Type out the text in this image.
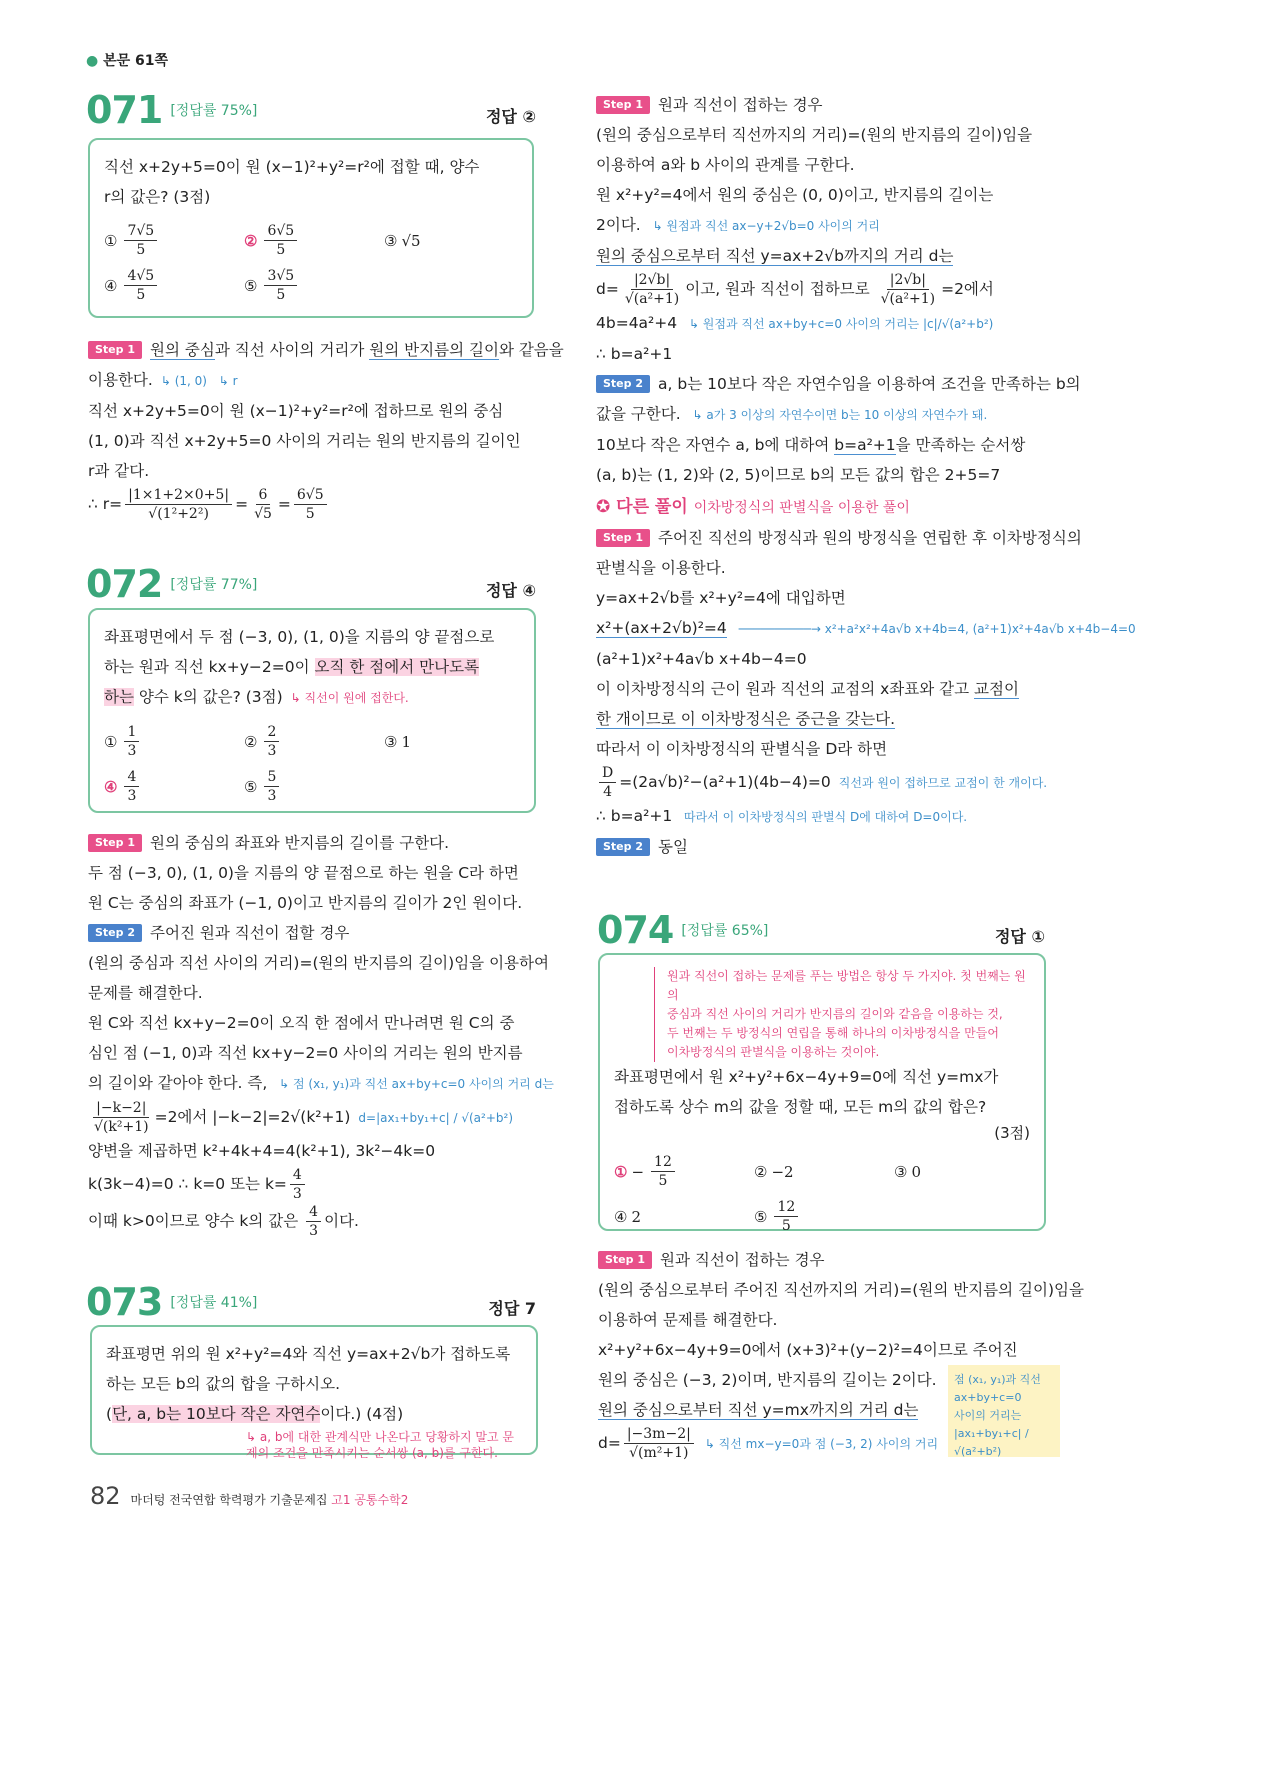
● 본문 61쪽
071 [정답률 75%]	정답 ②
직선 x+2y+5=0이 원 (x−1)²+y²=r²에 접할 때, 양수
r의 값은? (3점)
① $\frac{7√5}{5}$	② $\frac{6√5}{5}$	③ √5
④ $\frac{4√5}{5}$	⑤ $\frac{3√5}{5}$
Step 1 원의 중심과 직선 사이의 거리가 원의 반지름의 길이와 같음을
이용한다. ↳ (1, 0) ↳ r
직선 x+2y+5=0이 원 (x−1)²+y²=r²에 접하므로 원의 중심
(1, 0)과 직선 x+2y+5=0 사이의 거리는 원의 반지름의 길이인
r과 같다.
∴ $r= \frac{|1\times 1+2\times 0+5|}{\text{√(1²+2²)}} = \frac{6}{√5} = \frac{6√5}{5}$
072 [정답률 77%]	정답 ④
좌표평면에서 두 점 (−3, 0), (1, 0)을 지름의 양 끝점으로
하는 원과 직선 kx+y−2=0이 오직 한 점에서 만나도록
하는 양수 k의 값은? (3점) ↳ 직선이 원에 접한다.
① $\frac{1}{3}$	② $\frac{2}{3}$	③ 1
④ $\frac{4}{3}$	⑤ $\frac{5}{3}$
Step 1 원의 중심의 좌표와 반지름의 길이를 구한다.
두 점 (−3, 0), (1, 0)을 지름의 양 끝점으로 하는 원을 C라 하면
원 C는 중심의 좌표가 (−1, 0)이고 반지름의 길이가 2인 원이다.
Step 2 주어진 원과 직선이 접할 경우
(원의 중심과 직선 사이의 거리)=(원의 반지름의 길이)임을 이용하여
문제를 해결한다.
원 C와 직선 kx+y−2=0이 오직 한 점에서 만나려면 원 C의 중
심인 점 (−1, 0)과 직선 kx+y−2=0 사이의 거리는 원의 반지름
의 길이와 같아야 한다. 즉, ↳ 점 (x₁, y₁)과 직선 ax+by+c=0 사이의 거리 d는
$\frac{|-k-2|}{\text{√(k²+1)}} =2$에서 |−k−2|=2√(k²+1) d=|ax₁+by₁+c| / √(a²+b²)
양변을 제곱하면 k²+4k+4=4(k²+1), 3k²−4k=0
k(3k−4)=0 ∴ k=0 또는 $k= \frac{4}{3}$
이때 k>0이므로 양수 k의 값은 $\frac{4}{3}$ 이다.
073 [정답률 41%]	정답 7
좌표평면 위의 원 x²+y²=4와 직선 y=ax+2√b가 접하도록
하는 모든 b의 값의 합을 구하시오.
(단, a, b는 10보다 작은 자연수이다.) (4점)
↳ a, b에 대한 관계식만 나온다고 당황하지 말고 문제의 조건을 만족시키는 순서쌍 (a, b)를 구한다.
Step 1 원과 직선이 접하는 경우
(원의 중심으로부터 직선까지의 거리)=(원의 반지름의 길이)임을
이용하여 a와 b 사이의 관계를 구한다.
원 x²+y²=4에서 원의 중심은 (0, 0)이고, 반지름의 길이는
2이다. ↳ 원점과 직선 ax−y+2√b=0 사이의 거리
원의 중심으로부터 직선 y=ax+2√b까지의 거리 d는
$d= \frac{|2√b|}{\text{√(a²+1)}}$ 이고, 원과 직선이 접하므로 $\frac{|2√b|}{\text{√(a²+1)}} =2$에서
4b=4a²+4 ↳ 원점과 직선 ax+by+c=0 사이의 거리는 |c|/√(a²+b²)
∴ b=a²+1
Step 2 a, b는 10보다 작은 자연수임을 이용하여 조건을 만족하는 b의
값을 구한다. ↳ a가 3 이상의 자연수이면 b는 10 이상의 자연수가 돼.
10보다 작은 자연수 a, b에 대하여 b=a²+1을 만족하는 순서쌍
(a, b)는 (1, 2)와 (2, 5)이므로 b의 모든 값의 합은 2+5=7
✪ 다른 풀이 이차방정식의 판별식을 이용한 풀이
Step 1 주어진 직선의 방정식과 원의 방정식을 연립한 후 이차방정식의
판별식을 이용한다.
y=ax+2√b를 x²+y²=4에 대입하면
x²+(ax+2√b)²=4 ──────────→ x²+a²x²+4a√b x+4b=4, (a²+1)x²+4a√b x+4b−4=0
(a²+1)x²+4a√b x+4b−4=0
이 이차방정식의 근이 원과 직선의 교점의 x좌표와 같고 교점이
한 개이므로 이 이차방정식은 중근을 갖는다.
따라서 이 이차방정식의 판별식을 D라 하면
$\frac{D}{4} =(2a√b)^2-(a^2+1)(4b-4)=0$ 직선과 원이 접하므로 교점이 한 개이다.
∴ b=a²+1 따라서 이 이차방정식의 판별식 D에 대하여 D=0이다.
Step 2 동일
074 [정답률 65%]	정답 ①
원과 직선이 접하는 문제를 푸는 방법은 항상 두 가지야. 첫 번째는 원의
중심과 직선 사이의 거리가 반지름의 길이와 같음을 이용하는 것,
두 번째는 두 방정식의 연립을 통해 하나의 이차방정식을 만들어
이차방정식의 판별식을 이용하는 것이야.
좌표평면에서 원 x²+y²+6x−4y+9=0에 직선 y=mx가
접하도록 상수 m의 값을 정할 때, 모든 m의 값의 합은?
(3점)
① − $\frac{12}{5}$	② −2	③ 0
④ 2	⑤ $\frac{12}{5}$
Step 1 원과 직선이 접하는 경우
(원의 중심으로부터 주어진 직선까지의 거리)=(원의 반지름의 길이)임을
이용하여 문제를 해결한다.
x²+y²+6x−4y+9=0에서 (x+3)²+(y−2)²=4이므로 주어진
원의 중심은 (−3, 2)이며, 반지름의 길이는 2이다.
원의 중심으로부터 직선 y=mx까지의 거리 d는
$d= \frac{|-3m-2|}{\text{√(m²+1)}}$ ↳ 직선 mx−y=0과 점 (−3, 2) 사이의 거리
점 (x₁, y₁)과 직선
ax+by+c=0
사이의 거리는
|ax₁+by₁+c| / √(a²+b²)
82 마더텅 전국연합 학력평가 기출문제집 고1 공통수학2
